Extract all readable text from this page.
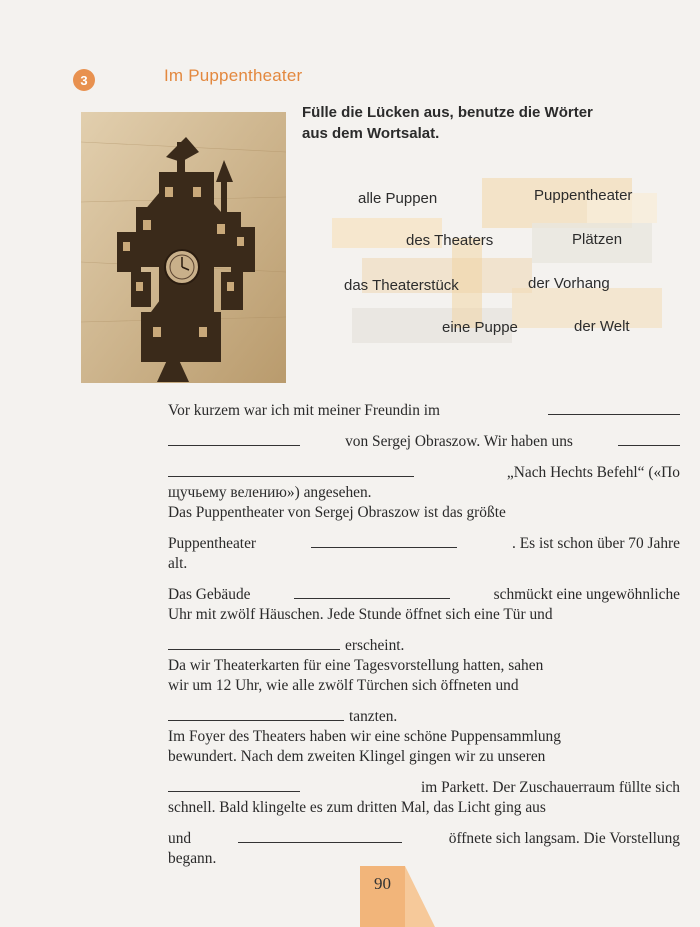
3	Im Puppentheater
Fülle die Lücken aus, benutze die Wörter
aus dem Wortsalat.
alle Puppen	Puppentheater
des Theaters	Plätzen
das Theaterstück	der Vorhang
eine Puppe	der Welt
Vor kurzem war ich mit meiner Freundin im
von Sergej Obraszow. Wir haben uns
„Nach Hechts Befehl“ («По
щучьему велению») angesehen.
Das Puppentheater von Sergej Obraszow ist das größte
Puppentheater	. Es ist schon über 70 Jahre
alt.
Das Gebäude	schmückt eine ungewöhnliche
Uhr mit zwölf Häuschen. Jede Stunde öffnet sich eine Tür und
erscheint.
Da wir Theaterkarten für eine Tagesvorstellung hatten, sahen
wir um 12 Uhr, wie alle zwölf Türchen sich öffneten und
tanzten.
Im Foyer des Theaters haben wir eine schöne Puppensammlung
bewundert. Nach dem zweiten Klingel gingen wir zu unseren
im Parkett. Der Zuschauerraum füllte sich
schnell. Bald klingelte es zum dritten Mal, das Licht ging aus
und	öffnete sich langsam. Die Vorstellung
begann.
90
